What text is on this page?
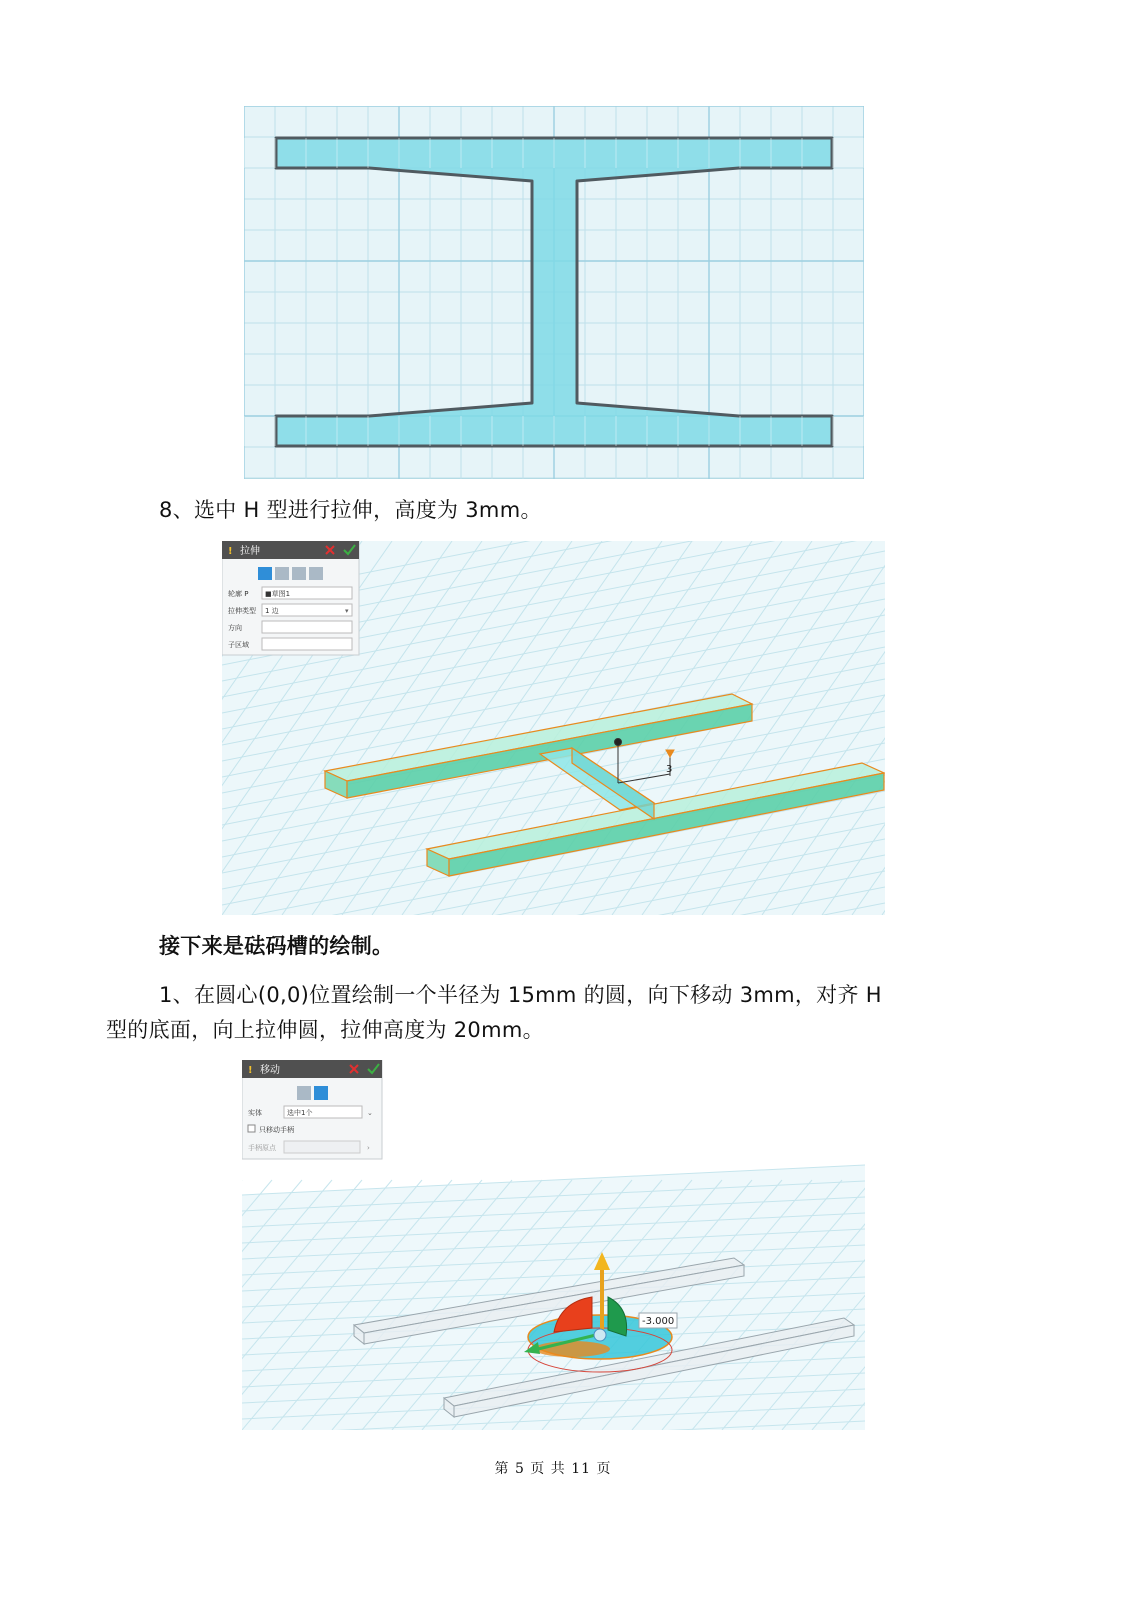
8、选中 H 型进行拉伸，高度为 3mm。
3
! 拉伸
轮廓 P ■草图1
拉伸类型 1 边	▾
方向
子区域
接下来是砝码槽的绘制。
1、在圆心(0,0)位置绘制一个半径为 15mm 的圆，向下移动 3mm，对齐 H
型的底面，向上拉伸圆，拉伸高度为 20mm。
-3.000
! 移动
实体	选中1个	⌄
只移动手柄
手柄原点	›
第 5 页 共 11 页
